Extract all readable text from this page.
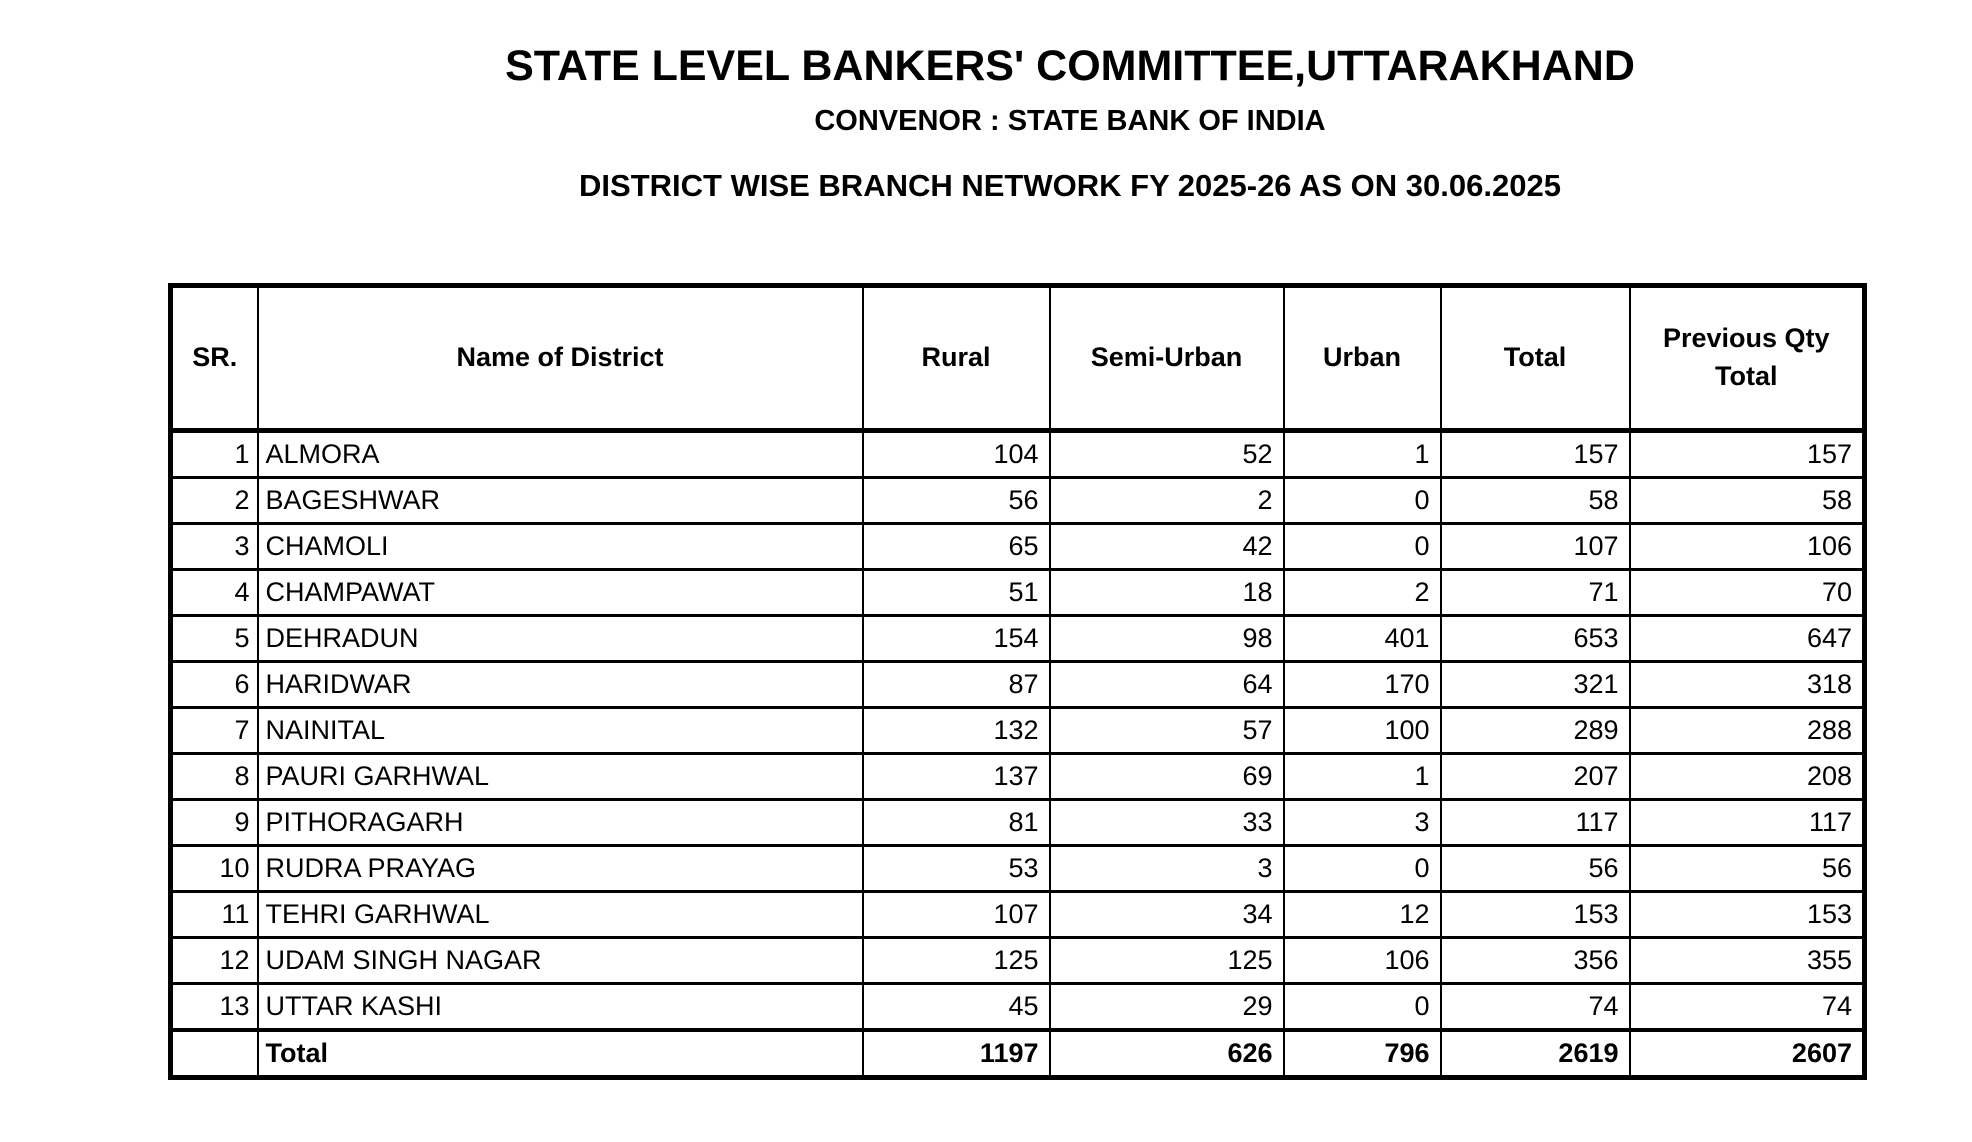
STATE LEVEL BANKERS' COMMITTEE,UTTARAKHAND
CONVENOR : STATE BANK OF INDIA
DISTRICT WISE BRANCH NETWORK FY 2025-26 AS ON 30.06.2025
SR.	Name of District	Rural	Semi-Urban	Urban	Total	Previous Qty Total
1	ALMORA	104	52	1	157	157
2	BAGESHWAR	56	2	0	58	58
3	CHAMOLI	65	42	0	107	106
4	CHAMPAWAT	51	18	2	71	70
5	DEHRADUN	154	98	401	653	647
6	HARIDWAR	87	64	170	321	318
7	NAINITAL	132	57	100	289	288
8	PAURI GARHWAL	137	69	1	207	208
9	PITHORAGARH	81	33	3	117	117
10	RUDRA PRAYAG	53	3	0	56	56
11	TEHRI GARHWAL	107	34	12	153	153
12	UDAM SINGH NAGAR	125	125	106	356	355
13	UTTAR KASHI	45	29	0	74	74
	Total	1197	626	796	2619	2607
